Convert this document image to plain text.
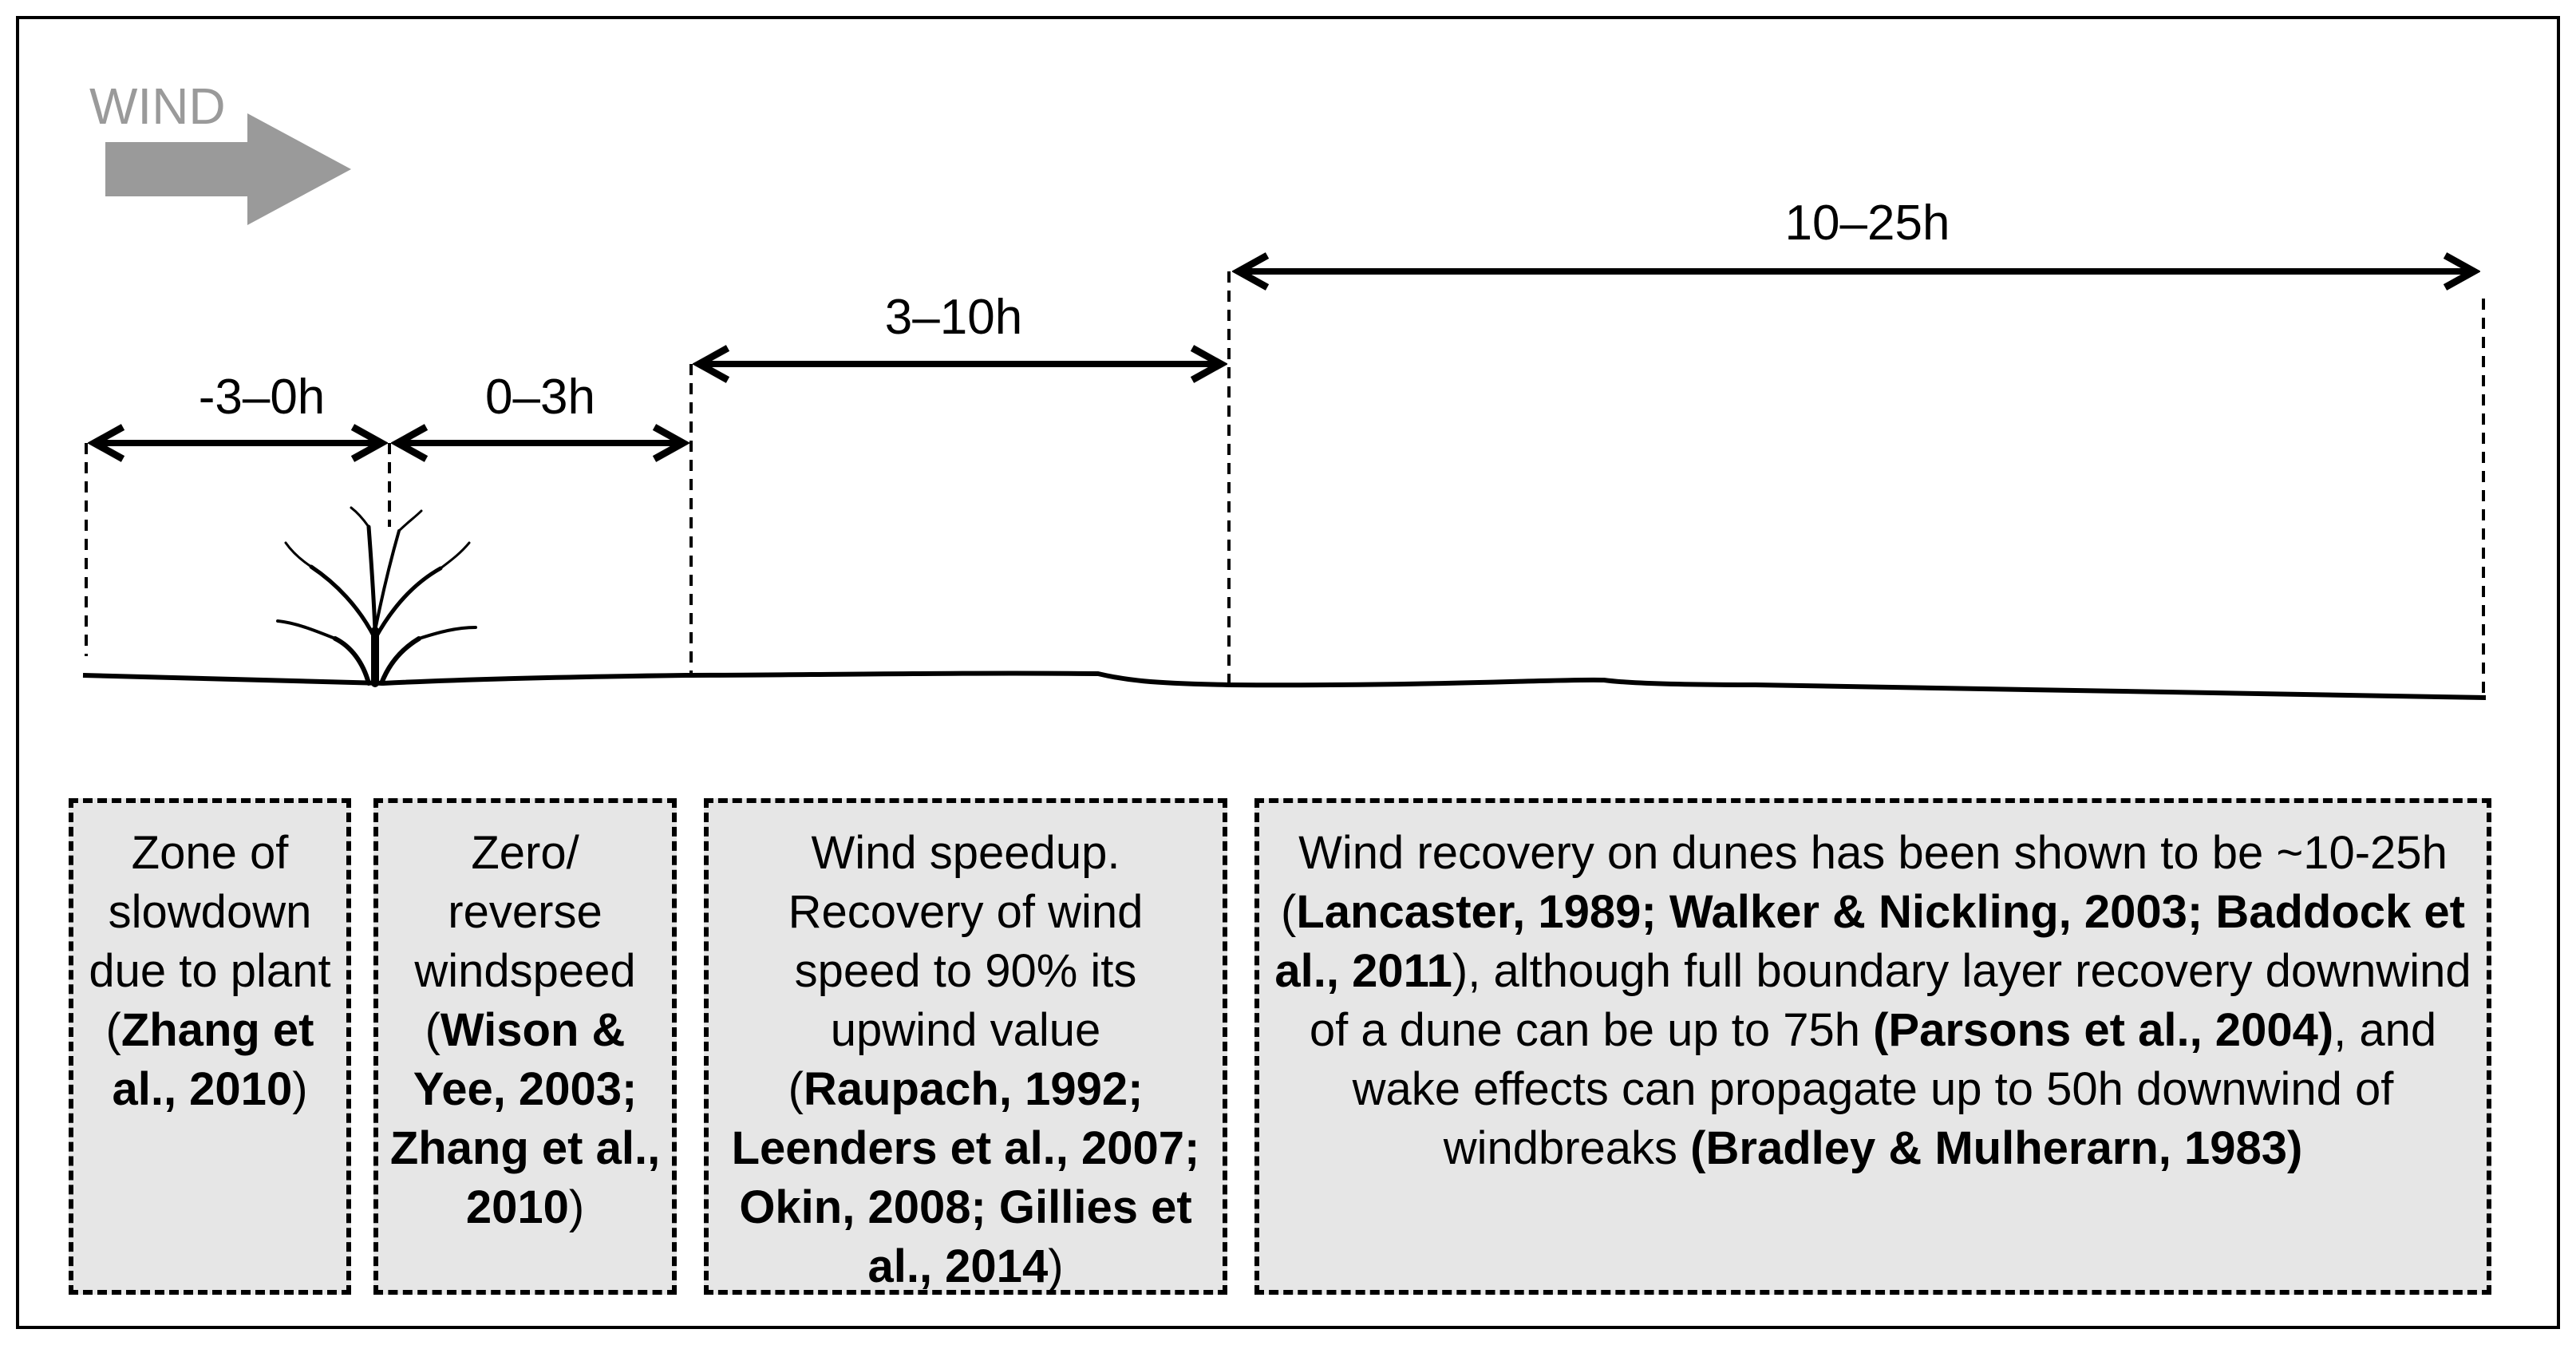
WIND
-3–0h	0–3h
3–10h
10–25h
Zone of slowdown due to plant (Zhang et al., 2010)
Zero/ reverse windspeed (Wison & Yee, 2003; Zhang et al., 2010)
Wind speedup. Recovery of wind speed to 90% its upwind value (Raupach, 1992; Leenders et al., 2007; Okin, 2008; Gillies et al., 2014)
Wind recovery on dunes has been shown to be ~10-25h (Lancaster, 1989; Walker & Nickling, 2003; Baddock et al., 2011), although full boundary layer recovery downwind of a dune can be up to 75h (Parsons et al., 2004), and wake effects can propagate up to 50h downwind of windbreaks (Bradley & Mulherarn, 1983)
